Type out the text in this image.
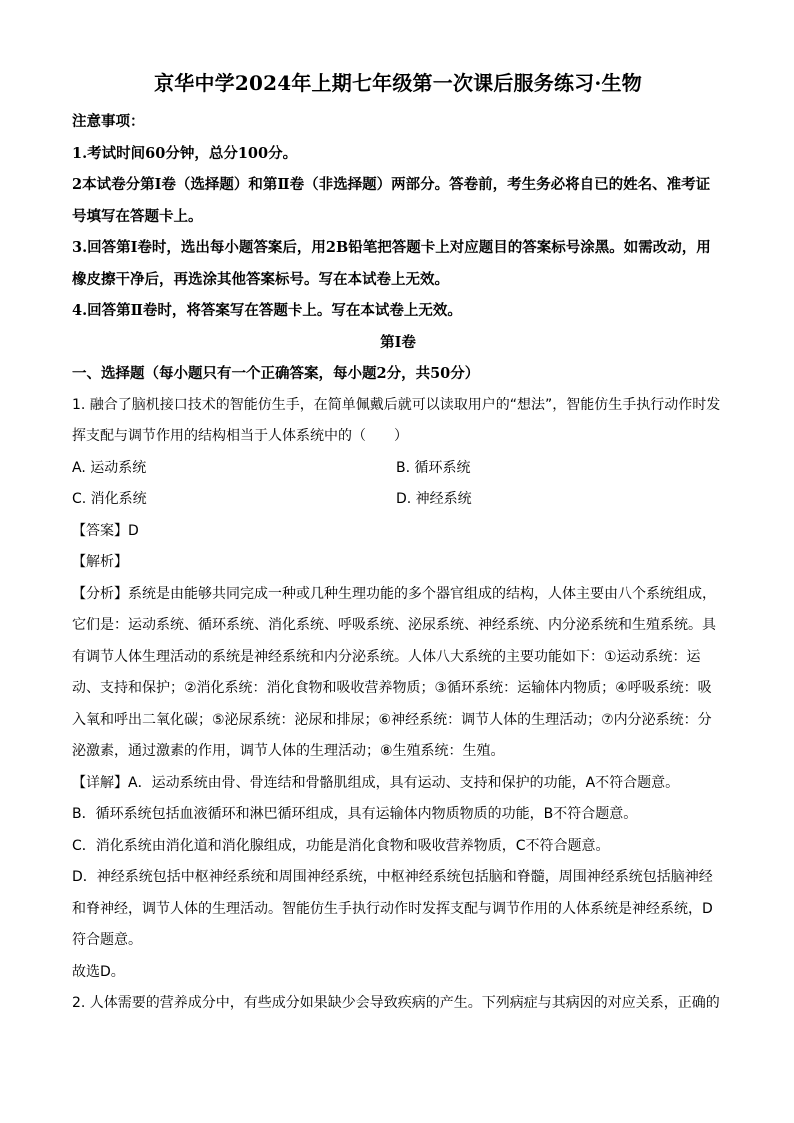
京华中学2024年上期七年级第一次课后服务练习·生物
注意事项：
1.考试时间60分钟，总分100分。
2本试卷分第Ⅰ卷（选择题）和第Ⅱ卷（非选择题）两部分。答卷前，考生务必将自已的姓名、准考证号填写在答题卡上。
3.回答第Ⅰ卷时，选出每小题答案后，用2B铅笔把答题卡上对应题目的答案标号涂黑。如需改动，用橡皮擦干净后，再选涂其他答案标号。写在本试卷上无效。
4.回答第Ⅱ卷时，将答案写在答题卡上。写在本试卷上无效。
第Ⅰ卷
一、选择题（每小题只有一个正确答案，每小题2分，共50分）
1. 融合了脑机接口技术的智能仿生手，在简单佩戴后就可以读取用户的“想法”，智能仿生手执行动作时发挥支配与调节作用的结构相当于人体系统中的（　　）
A. 运动系统	B. 循环系统
C. 消化系统	D. 神经系统
【答案】D
【解析】
【分析】系统是由能够共同完成一种或几种生理功能的多个器官组成的结构，人体主要由八个系统组成，它们是：运动系统、循环系统、消化系统、呼吸系统、泌尿系统、神经系统、内分泌系统和生殖系统。具有调节人体生理活动的系统是神经系统和内分泌系统。人体八大系统的主要功能如下：①运动系统：运动、支持和保护；②消化系统：消化食物和吸收营养物质；③循环系统：运输体内物质；④呼吸系统：吸入氧和呼出二氧化碳；⑤泌尿系统：泌尿和排尿；⑥神经系统：调节人体的生理活动；⑦内分泌系统：分泌激素，通过激素的作用，调节人体的生理活动；⑧生殖系统：生殖。
【详解】A．运动系统由骨、骨连结和骨骼肌组成，具有运动、支持和保护的功能，A不符合题意。
B．循环系统包括血液循环和淋巴循环组成，具有运输体内物质物质的功能，B不符合题意。
C．消化系统由消化道和消化腺组成，功能是消化食物和吸收营养物质，C不符合题意。
D．神经系统包括中枢神经系统和周围神经系统，中枢神经系统包括脑和脊髓，周围神经系统包括脑神经和脊神经，调节人体的生理活动。智能仿生手执行动作时发挥支配与调节作用的人体系统是神经系统，D符合题意。
故选D。
2. 人体需要的营养成分中，有些成分如果缺少会导致疾病的产生。下列病症与其病因的对应关系，正确的
